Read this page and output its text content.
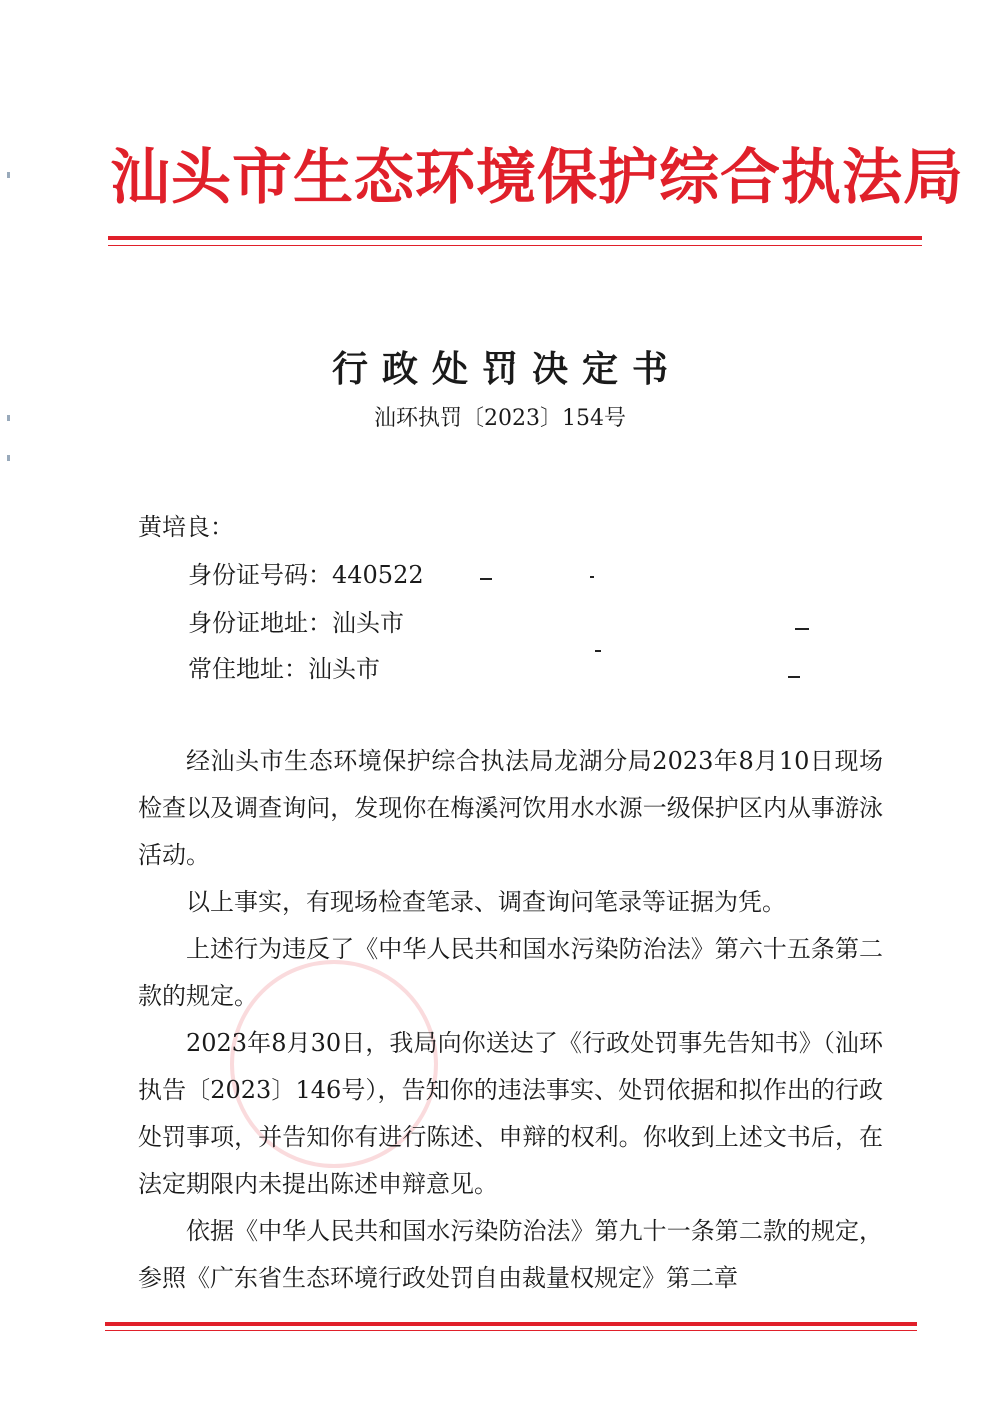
汕头市生态环境保护综合执法局
行政处罚决定书
汕环执罚〔2023〕154号
黄培良：
身份证号码：440522
身份证地址：汕头市
常住地址：汕头市
经汕头市生态环境保护综合执法局龙湖分局2023年8月10日现场检查以及调查询问，发现你在梅溪河饮用水水源一级保护区内从事游泳活动。
以上事实，有现场检查笔录、调查询问笔录等证据为凭。
上述行为违反了《中华人民共和国水污染防治法》第六十五条第二款的规定。
2023年8月30日，我局向你送达了《行政处罚事先告知书》（汕环执告〔2023〕146号），告知你的违法事实、处罚依据和拟作出的行政处罚事项，并告知你有进行陈述、申辩的权利。你收到上述文书后，在法定期限内未提出陈述申辩意见。
依据《中华人民共和国水污染防治法》第九十一条第二款的规定，参照《广东省生态环境行政处罚自由裁量权规定》第二章
